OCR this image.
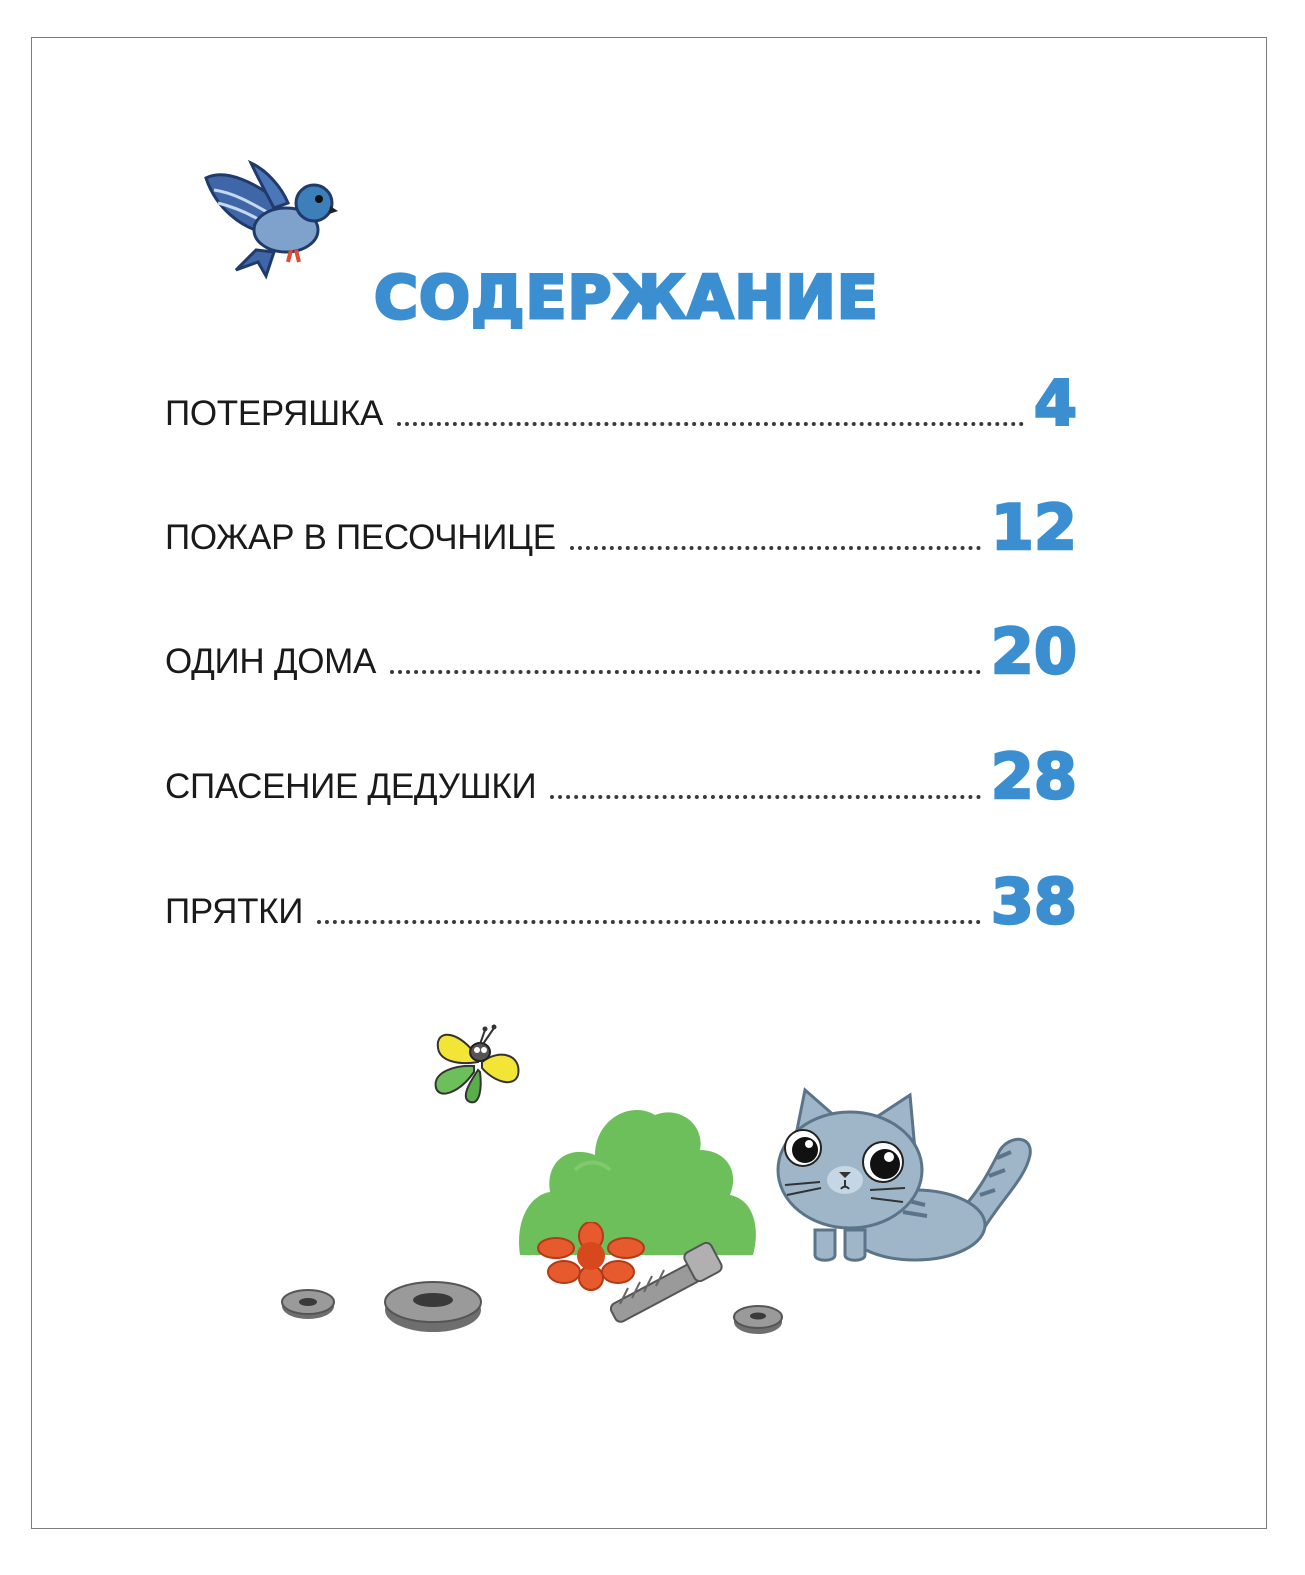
СОДЕРЖАНИЕ
ПОТЕРЯШКА	4
ПОЖАР В ПЕСОЧНИЦЕ	12
ОДИН ДОМА	20
СПАСЕНИЕ ДЕДУШКИ	28
ПРЯТКИ	38
